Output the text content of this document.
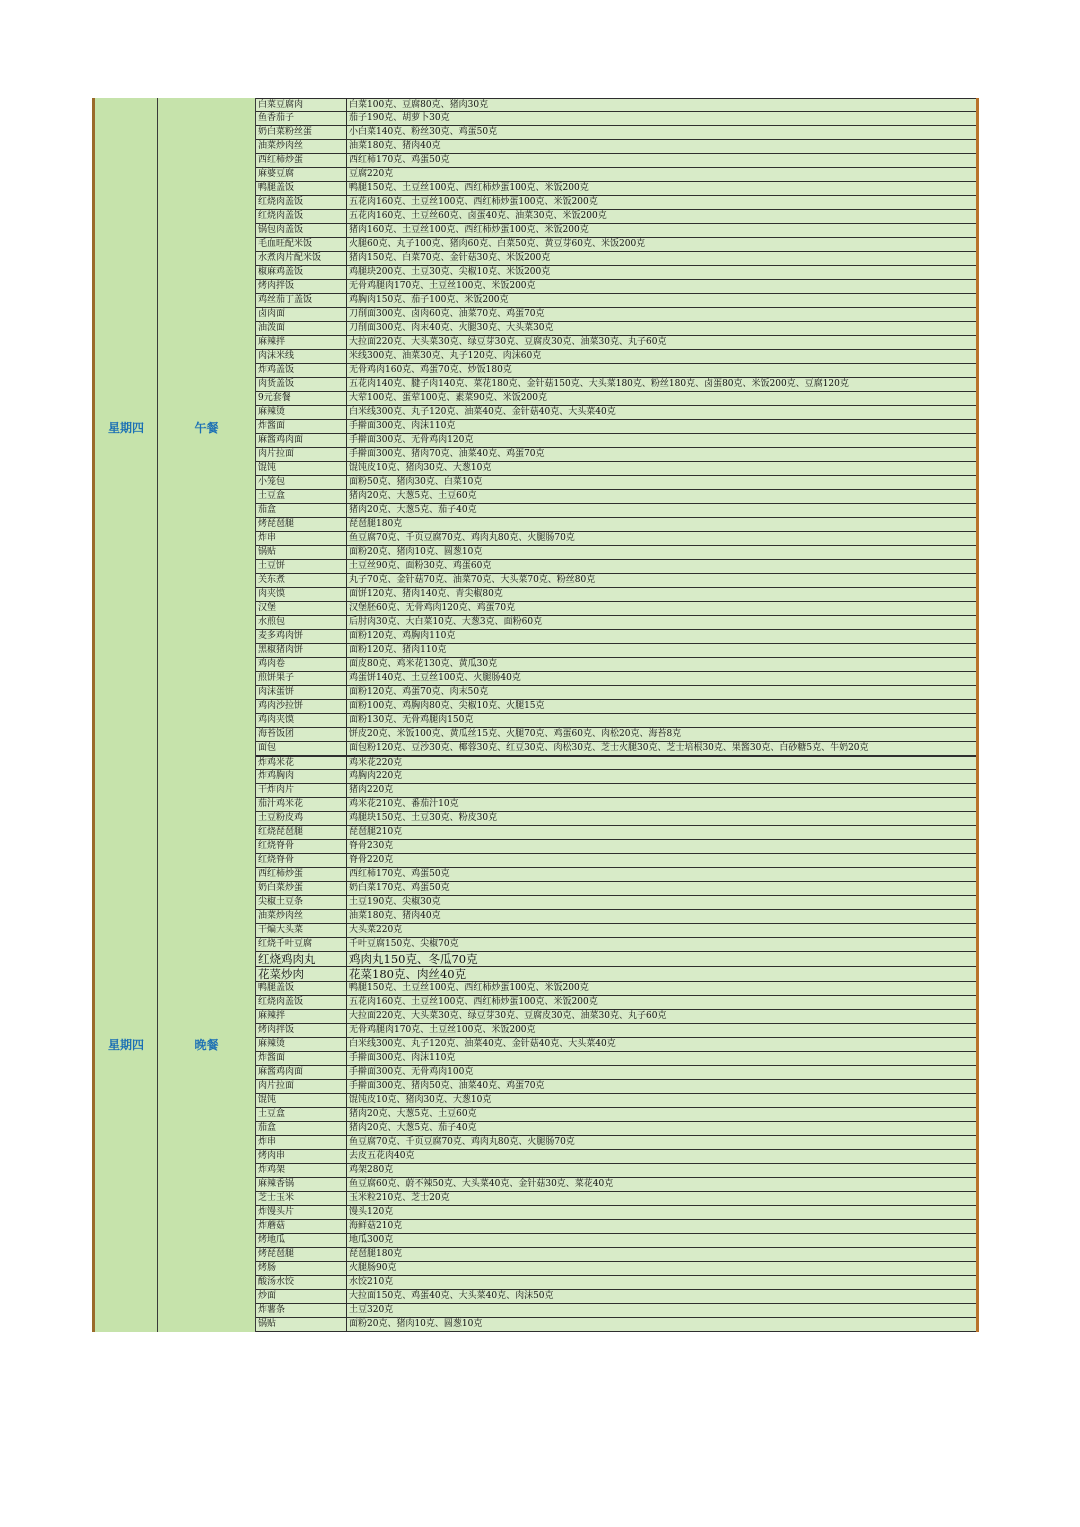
星期四	午餐
白菜豆腐肉	白菜100克、豆腐80克、猪肉30克
鱼香茄子	茄子190克、胡萝卜30克
奶白菜粉丝蛋	小白菜140克、粉丝30克、鸡蛋50克
油菜炒肉丝	油菜180克、猪肉40克
西红柿炒蛋	西红柿170克、鸡蛋50克
麻婆豆腐	豆腐220克
鸭腿盖饭	鸭腿150克、土豆丝100克、西红柿炒蛋100克、米饭200克
红烧肉盖饭	五花肉160克、土豆丝100克、西红柿炒蛋100克、米饭200克
红烧肉盖饭	五花肉160克、土豆丝60克、卤蛋40克、油菜30克、米饭200克
锅包肉盖饭	猪肉160克、土豆丝100克、西红柿炒蛋100克、米饭200克
毛血旺配米饭	火腿60克、丸子100克、猪肉60克、白菜50克、黄豆芽60克、米饭200克
水煮肉片配米饭	猪肉150克、白菜70克、金针菇30克、米饭200克
椒麻鸡盖饭	鸡腿块200克、土豆30克、尖椒10克、米饭200克
烤肉拌饭	无骨鸡腿肉170克、土豆丝100克、米饭200克
鸡丝茄丁盖饭	鸡胸肉150克、茄子100克、米饭200克
卤肉面	刀削面300克、卤肉60克、油菜70克、鸡蛋70克
油泼面	刀削面300克、肉末40克、火腿30克、大头菜30克
麻辣拌	大拉面220克、大头菜30克、绿豆芽30克、豆腐皮30克、油菜30克、丸子60克
肉沫米线	米线300克、油菜30克、丸子120克、肉沫60克
炸鸡盖饭	无骨鸡肉160克、鸡蛋70克、炒饭180克
肉货盖饭	五花肉140克、腱子肉140克、菜花180克、金针菇150克、大头菜180克、粉丝180克、卤蛋80克、米饭200克、豆腐120克
9元套餐	大荤100克、蛋荤100克、素菜90克、米饭200克
麻辣烫	白米线300克、丸子120克、油菜40克、金针菇40克、大头菜40克
炸酱面	手擀面300克、肉沫110克
麻酱鸡肉面	手擀面300克、无骨鸡肉120克
肉片拉面	手擀面300克、猪肉70克、油菜40克、鸡蛋70克
馄饨	馄饨皮10克、猪肉30克、大葱10克
小笼包	面粉50克、猪肉30克、白菜10克
土豆盒	猪肉20克、大葱5克、土豆60克
茄盒	猪肉20克、大葱5克、茄子40克
烤琵琶腿	琵琶腿180克
炸串	鱼豆腐70克、千页豆腐70克、鸡肉丸80克、火腿肠70克
锅贴	面粉20克、猪肉10克、圆葱10克
土豆饼	土豆丝90克、面粉30克、鸡蛋60克
关东煮	丸子70克、金针菇70克、油菜70克、大头菜70克、粉丝80克
肉夹馍	面饼120克、猪肉140克、青尖椒80克
汉堡	汉堡胚60克、无骨鸡肉120克、鸡蛋70克
水煎包	后肘肉30克、大白菜10克、大葱3克、面粉60克
麦多鸡肉饼	面粉120克、鸡胸肉110克
黑椒猪肉饼	面粉120克、猪肉110克
鸡肉卷	面皮80克、鸡米花130克、黄瓜30克
煎饼果子	鸡蛋饼140克、土豆丝100克、火腿肠40克
肉沫蛋饼	面粉120克、鸡蛋70克、肉末50克
鸡肉沙拉饼	面粉100克、鸡胸肉80克、尖椒10克、火腿15克
鸡肉夹馍	面粉130克、无骨鸡腿肉150克
海苔饭团	饼皮20克、米饭100克、黄瓜丝15克、火腿70克、鸡蛋60克、肉松20克、海苔8克
面包	面包粉120克、豆沙30克、椰蓉30克、红豆30克、肉松30克、芝士火腿30克、芝士培根30克、果酱30克、白砂糖5克、牛奶20克
星期四	晚餐
炸鸡米花	鸡米花220克
炸鸡胸肉	鸡胸肉220克
干炸肉片	猪肉220克
茄汁鸡米花	鸡米花210克、番茄汁10克
土豆粉皮鸡	鸡腿块150克、土豆30克、粉皮30克
红烧琵琶腿	琵琶腿210克
红烧脊骨	脊骨230克
红烧脊骨	脊骨220克
西红柿炒蛋	西红柿170克、鸡蛋50克
奶白菜炒蛋	奶白菜170克、鸡蛋50克
尖椒土豆条	土豆190克、尖椒30克
油菜炒肉丝	油菜180克、猪肉40克
干煸大头菜	大头菜220克
红烧千叶豆腐	千叶豆腐150克、尖椒70克
红烧鸡肉丸	鸡肉丸150克、冬瓜70克
花菜炒肉	花菜180克、肉丝40克
鸭腿盖饭	鸭腿150克、土豆丝100克、西红柿炒蛋100克、米饭200克
红烧肉盖饭	五花肉160克、土豆丝100克、西红柿炒蛋100克、米饭200克
麻辣拌	大拉面220克、大头菜30克、绿豆芽30克、豆腐皮30克、油菜30克、丸子60克
烤肉拌饭	无骨鸡腿肉170克、土豆丝100克、米饭200克
麻辣烫	白米线300克、丸子120克、油菜40克、金针菇40克、大头菜40克
炸酱面	手擀面300克、肉沫110克
麻酱鸡肉面	手擀面300克、无骨鸡肉100克
肉片拉面	手擀面300克、猪肉50克、油菜40克、鸡蛋70克
馄饨	馄饨皮10克、猪肉30克、大葱10克
土豆盒	猪肉20克、大葱5克、土豆60克
茄盒	猪肉20克、大葱5克、茄子40克
炸串	鱼豆腐70克、千页豆腐70克、鸡肉丸80克、火腿肠70克
烤肉串	去皮五花肉40克
炸鸡架	鸡架280克
麻辣香锅	鱼豆腐60克、蔚不辣50克、大头菜40克、金针菇30克、菜花40克
芝士玉米	玉米粒210克、芝士20克
炸馒头片	馒头120克
炸蘑菇	海鲜菇210克
烤地瓜	地瓜300克
烤琵琶腿	琵琶腿180克
烤肠	火腿肠90克
酸汤水饺	水饺210克
炒面	大拉面150克、鸡蛋40克、大头菜40克、肉沫50克
炸薯条	土豆320克
锅贴	面粉20克、猪肉10克、圆葱10克
